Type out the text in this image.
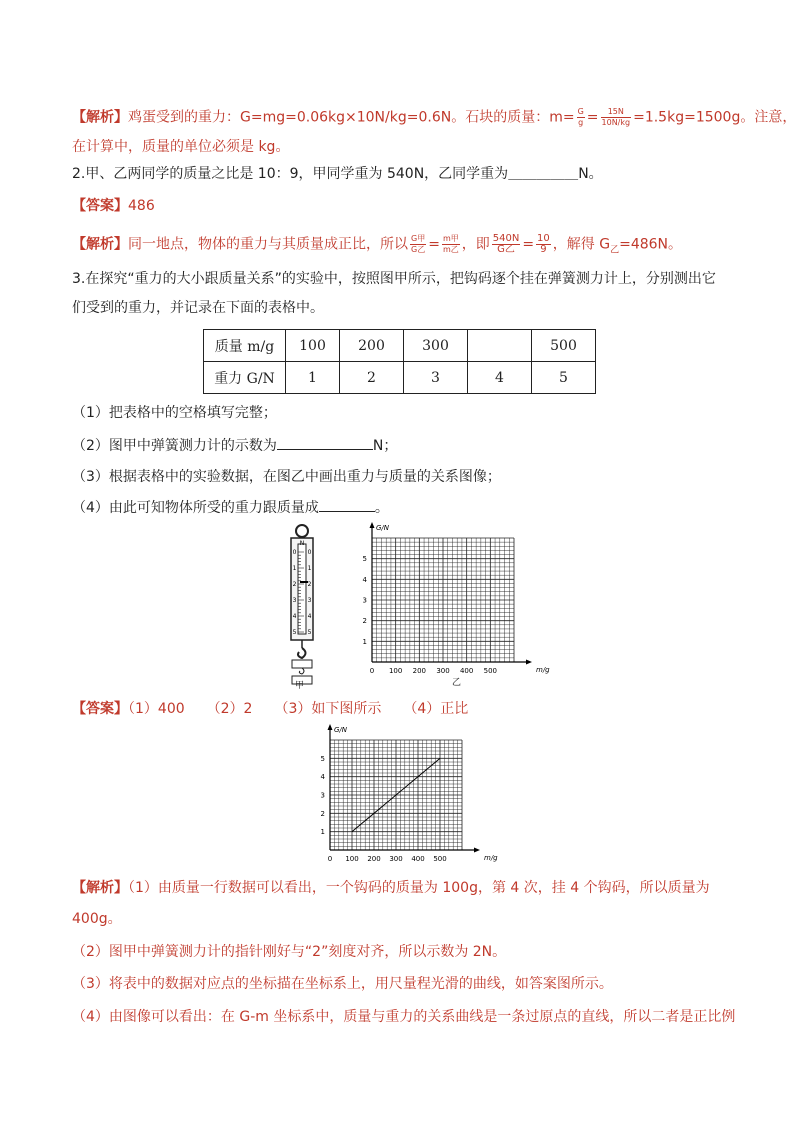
【解析】鸡蛋受到的重力：G=mg=0.06kg×10N/kg=0.6N。石块的质量：$m= \frac{G}{g} = \frac{15N}{10N/kg} =1.5kg=1500g$。注意，
在计算中，质量的单位必须是 kg。
2.甲、乙两同学的质量之比是 10：9，甲同学重为 540N，乙同学重为＿＿＿＿＿N。
【答案】486
【解析】同一地点，物体的重力与其质量成正比，所以 $\frac{\text{G甲}}{\text{G乙}} = \frac{\text{m甲}}{\text{m乙}}$ ，即 $\frac{540N}{\text{G乙}} = \frac{10}{9}$ ，解得 $G_乙=486N$。
3.在探究“重力的大小跟质量关系”的实验中，按照图甲所示，把钩码逐个挂在弹簧测力计上，分别测出它
们受到的重力，并记录在下面的表格中。
质量 m/g	100	200	300		500
重力 G/N	1	2	3	4	5
（1）把表格中的空格填写完整；
（2）图甲中弹簧测力计的示数为	N；
（3）根据表格中的实验数据，在图乙中画出重力与质量的关系图像；
（4）由此可知物体所受的重力跟质量成	。
0 0
1 1
2 2
3 3
4 4
5 5
N
甲
0 100 200 300 400 500
1
2
3
4
5
m/g
G/N
乙
【答案】（1）400 （2）2 （3）如下图所示 （4）正比
0 100 200 300 400 500
1
2
3
4
5
m/g
G/N
【解析】（1）由质量一行数据可以看出，一个钩码的质量为 100g，第 4 次，挂 4 个钩码，所以质量为
400g。
（2）图甲中弹簧测力计的指针刚好与“2”刻度对齐，所以示数为 2N。
（3）将表中的数据对应点的坐标描在坐标系上，用尺量程光滑的曲线，如答案图所示。
（4）由图像可以看出：在 G-m 坐标系中，质量与重力的关系曲线是一条过原点的直线，所以二者是正比例
